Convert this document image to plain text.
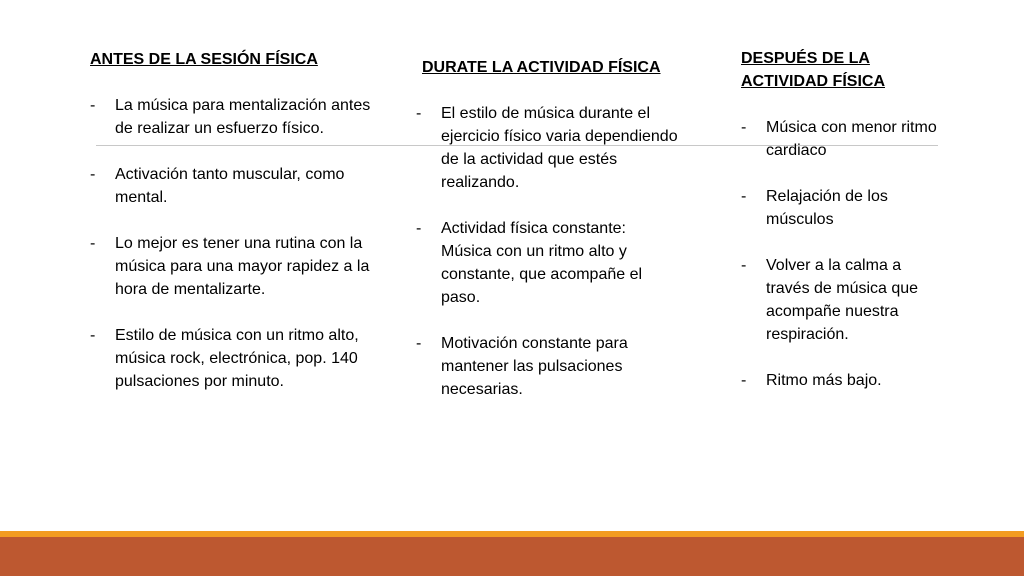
ANTES DE LA SESIÓN FÍSICA

- La música para mentalización antes de realizar un esfuerzo físico.
- Activación tanto muscular, como mental.
- Lo mejor es tener una rutina con la música para una mayor rapidez a la hora de mentalizarte.
- Estilo de música con un ritmo alto, música rock, electrónica, pop. 140 pulsaciones por minuto.

DURATE LA ACTIVIDAD FÍSICA

- El estilo de música durante el ejercicio físico varia dependiendo de la actividad que estés realizando.
- Actividad física constante: Música con un ritmo alto y constante, que acompañe el paso.
- Motivación constante para mantener las pulsaciones necesarias.

DESPUÉS DE LA ACTIVIDAD FÍSICA

- Música con menor ritmo cardiaco
- Relajación de los músculos
- Volver a la calma a través de música que acompañe nuestra respiración.
- Ritmo más bajo.
